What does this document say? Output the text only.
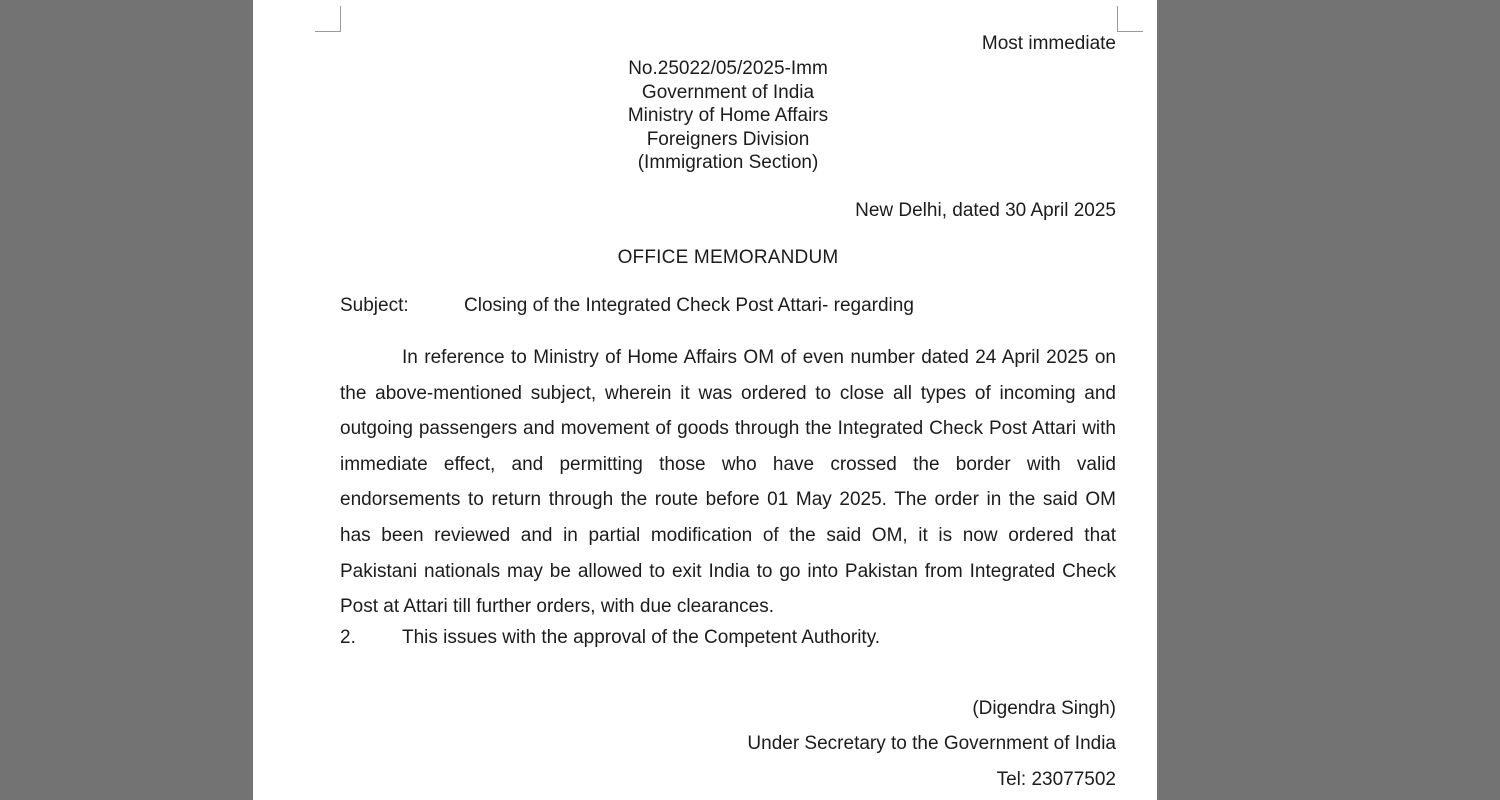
Most immediate
No.25022/05/2025-Imm
Government of India
Ministry of Home Affairs
Foreigners Division
(Immigration Section)
New Delhi, dated 30 April 2025
OFFICE MEMORANDUM
Subject:	Closing of the Integrated Check Post Attari- regarding
In reference to Ministry of Home Affairs OM of even number dated 24 April 2025 on the above-mentioned subject, wherein it was ordered to close all types of incoming and outgoing passengers and movement of goods through the Integrated Check Post Attari with immediate effect, and permitting those who have crossed the border with valid endorsements to return through the route before 01 May 2025. The order in the said OM has been reviewed and in partial modification of the said OM, it is now ordered that Pakistani nationals may be allowed to exit India to go into Pakistan from Integrated Check Post at Attari till further orders, with due clearances.
2. This issues with the approval of the Competent Authority.
(Digendra Singh)
Under Secretary to the Government of India
Tel: 23077502
